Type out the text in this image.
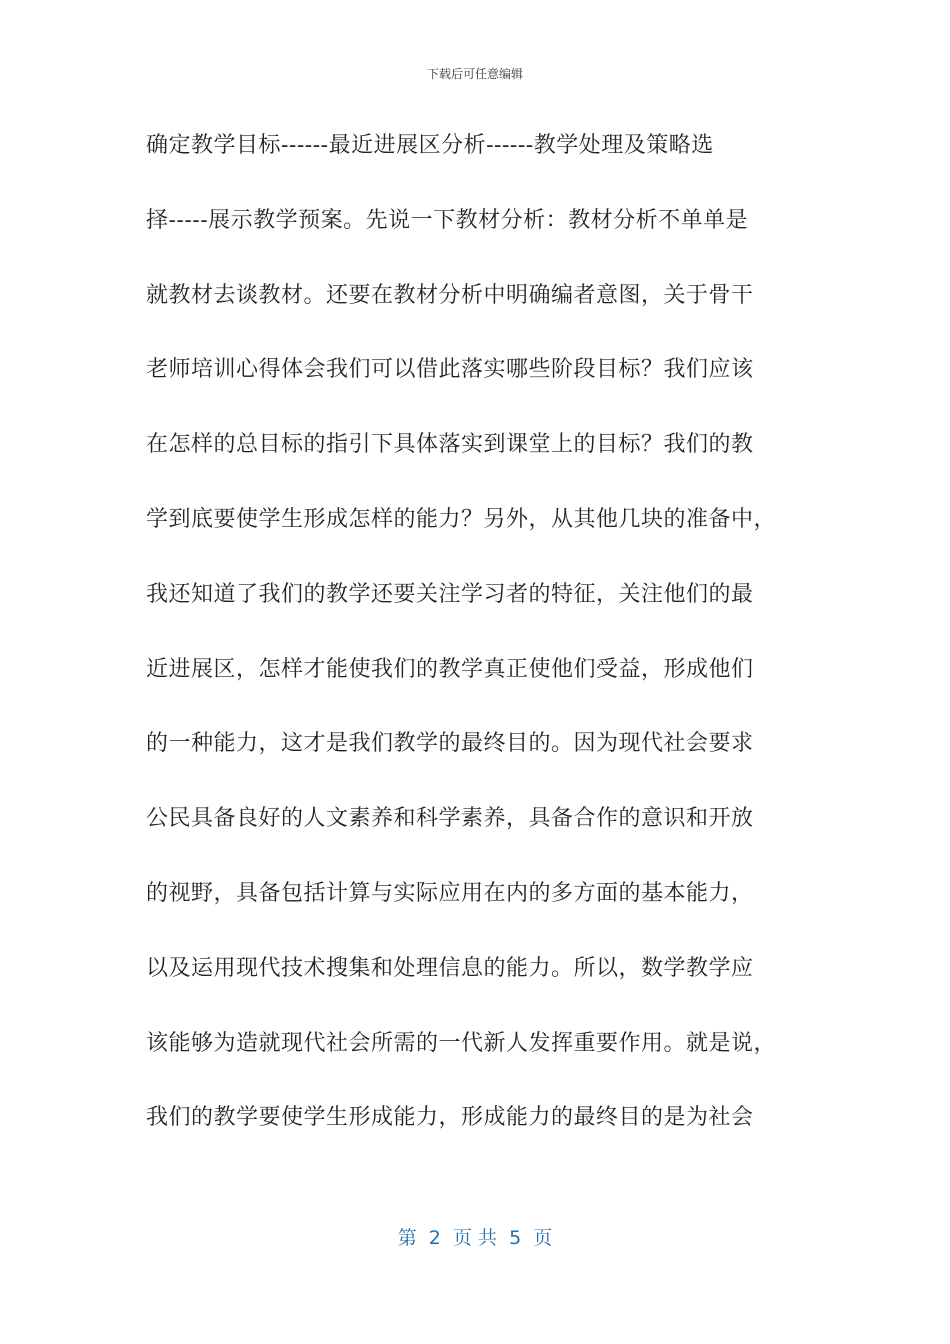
下载后可任意编辑
确定教学目标------最近进展区分析------教学处理及策略选
择-----展示教学预案。先说一下教材分析：教材分析不单单是
就教材去谈教材。还要在教材分析中明确编者意图，关于骨干
老师培训心得体会我们可以借此落实哪些阶段目标？我们应该
在怎样的总目标的指引下具体落实到课堂上的目标？我们的教
学到底要使学生形成怎样的能力？另外，从其他几块的准备中，
我还知道了我们的教学还要关注学习者的特征，关注他们的最
近进展区，怎样才能使我们的教学真正使他们受益，形成他们
的一种能力，这才是我们教学的最终目的。因为现代社会要求
公民具备良好的人文素养和科学素养，具备合作的意识和开放
的视野，具备包括计算与实际应用在内的多方面的基本能力，
以及运用现代技术搜集和处理信息的能力。所以，数学教学应
该能够为造就现代社会所需的一代新人发挥重要作用。就是说，
我们的教学要使学生形成能力，形成能力的最终目的是为社会
第  2  页 共  5  页
